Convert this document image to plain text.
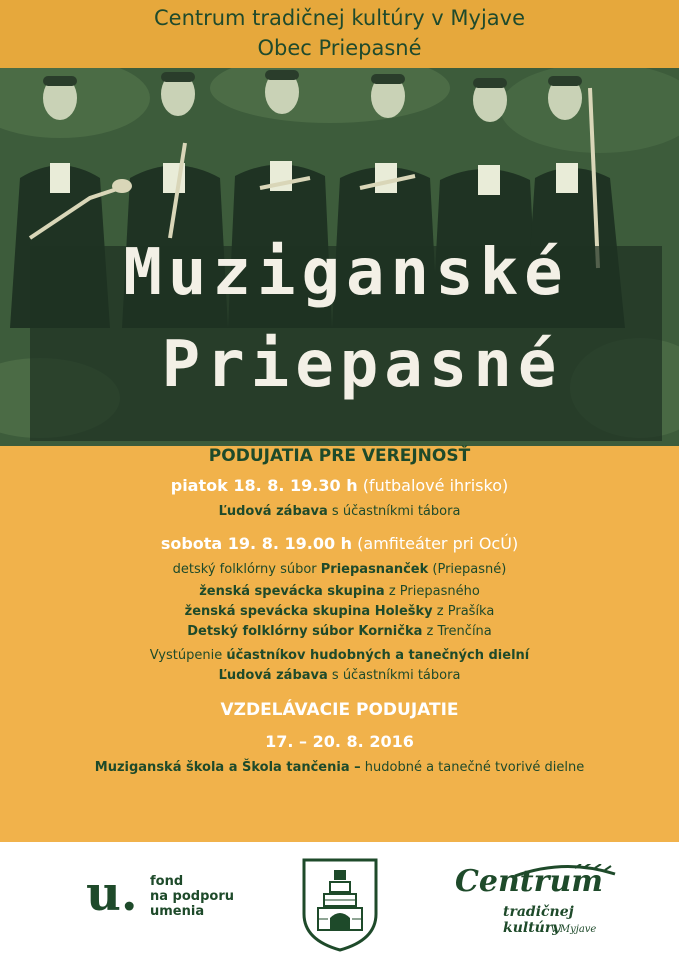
Centrum tradičnej kultúry v Myjave
Obec Priepasné
Muziganské
Priepasné
PODUJATIA PRE VEREJNOSŤ
piatok 18. 8. 19.30 h (futbalové ihrisko)
Ľudová zábava s účastníkmi tábora
sobota 19. 8. 19.00 h (amfiteáter pri OcÚ)
detský folklórny súbor Priepasnanček (Priepasné)
ženská spevácka skupina z Priepasného
ženská spevácka skupina Holešky z Prašíka
Detský folklórny súbor Kornička z Trenčína
Vystúpenie účastníkov hudobných a tanečných dielní
Ľudová zábava s účastníkmi tábora
VZDELÁVACIE PODUJATIE
17. – 20. 8. 2016
Muziganská škola a Škola tančenia – hudobné a tanečné tvorivé dielne
u. fond
na podporu
umenia
Centrum
tradičnej kultúry
v Myjave
